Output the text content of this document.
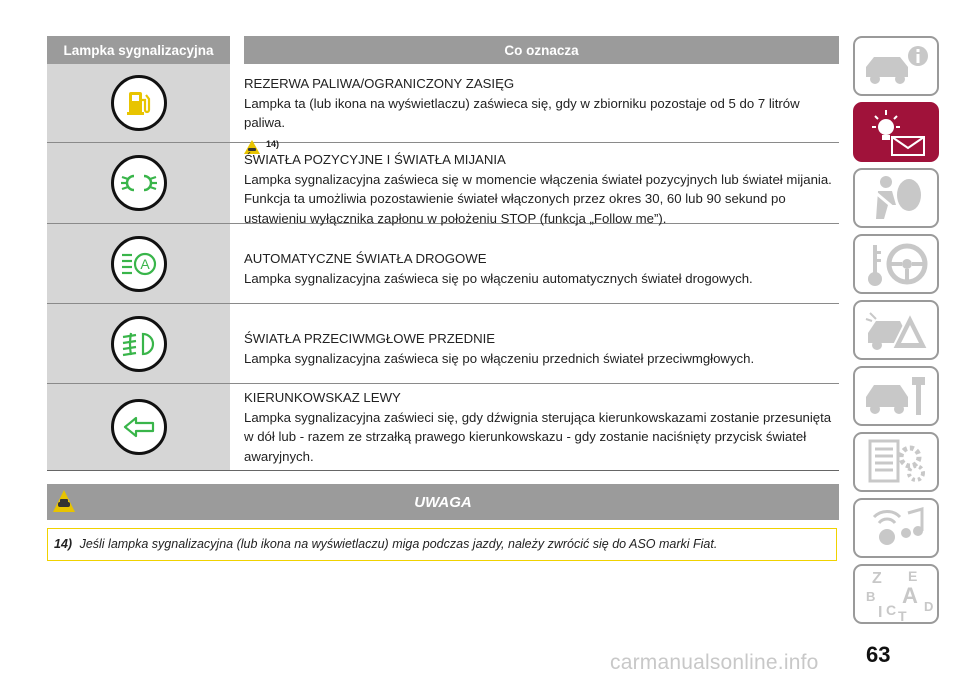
Lampka sygnalizacyjna	Co oznacza
REZERWA PALIWA/OGRANICZONY ZASIĘG
Lampka ta (lub ikona na wyświetlaczu) zaświeca się, gdy w zbiorniku pozostaje od 5 do 7 litrów paliwa.
14)
ŚWIATŁA POZYCYJNE I ŚWIATŁA MIJANIA
Lampka sygnalizacyjna zaświeca się w momencie włączenia świateł pozycyjnych lub świateł mijania. Funkcja ta umożliwia pozostawienie świateł włączonych przez okres 30, 60 lub 90 sekund po ustawieniu wyłącznika zapłonu w położeniu STOP (funkcja „Follow me”).
A	AUTOMATYCZNE ŚWIATŁA DROGOWE
Lampka sygnalizacyjna zaświeca się po włączeniu automatycznych świateł drogowych.
ŚWIATŁA PRZECIWMGŁOWE PRZEDNIE
Lampka sygnalizacyjna zaświeca się po włączeniu przednich świateł przeciwmgłowych.
KIERUNKOWSKAZ LEWY
Lampka sygnalizacyjna zaświeci się, gdy dźwignia sterująca kierunkowskazami zostanie przesunięta w dół lub - razem ze strzałką prawego kierunkowskazu - gdy zostanie naciśnięty przycisk świateł awaryjnych.
UWAGA
14) Jeśli lampka sygnalizacyjna (lub ikona na wyświetlaczu) miga podczas jazdy, należy zwrócić się do ASO marki Fiat.
Z E
B A D
I C T
63
carmanualsonline.info
